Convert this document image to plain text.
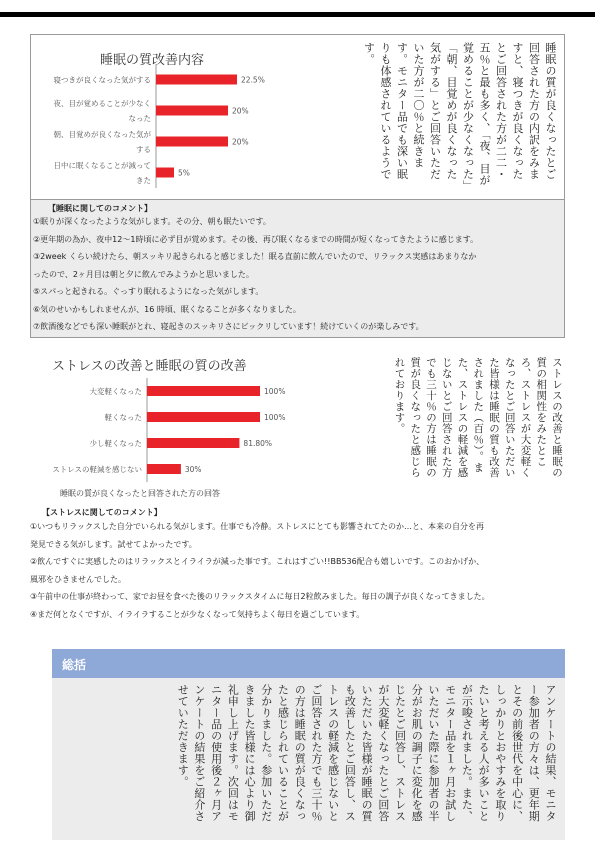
睡眠の質改善内容
寝つきが良くなった気がする	22.5%
夜、目が覚めることが少なく
なった
20%
朝、目覚めが良くなった気が
する
20%
日中に眠くなることが減って
きた
5%	睡眠の質が良くなったとご回答された方の内訳をみますと、寝つきが良くなったとご回答された方が二二・五％と最も多く、「夜、目が覚めることが少なくなった」「朝、目覚めが良くなった気がする」とご回答いただいた方が二〇％と続きます。モニター品でも深い眠りも体感されているようです。
【睡眠に関してのコメント】
①眠りが深くなったような気がします。その分、朝も眠たいです。
②更年期の為か、夜中12～1時頃に必ず目が覚めます。その後、再び眠くなるまでの時間が短くなってきたように感じます。
③2week くらい続けたら、朝スッキリ起きられると感じました！眠る直前に飲んでいたので、リラックス実感はあまりなか
ったので、2ヶ月目は朝と夕に飲んでみようかと思いました。
⑤スパっと起きれる。ぐっすり眠れるようになった気がします。
⑥気のせいかもしれませんが、16 時頃、眠くなることが多くなりました。
⑦飲酒後などでも深い睡眠がとれ、寝起きのスッキリさにビックリしています！続けていくのが楽しみです。
ストレスの改善と睡眠の質の改善
大変軽くなった	100%
軽くなった	100%
少し軽くなった	81.80%
ストレスの軽減を感じない	30%
睡眠の質が良くなったと回答された方の回答
ストレスの改善と睡眠の質の相関性をみたところ、ストレスが大変軽くなったとご回答いただいた皆様は睡眠の質も改善されました（百％）。また、ストレスの軽減を感じないとご回答された方でも三十％の方は睡眠の質が良くなったと感じられております。
【ストレスに関してのコメント】
①いつもリラックスした自分でいられる気がします。仕事でも冷静。ストレスにとても影響されてたのか…と、本来の自分を再
発見できる気がします。試せてよかったです。
②飲んですぐに実感したのはリラックスとイライラが減った事です。これはすごい!!BB536配合も嬉しいです。このおかげか、
風邪をひきませんでした。
③午前中の仕事が終わって、家でお昼を食べた後のリラックスタイムに毎日2粒飲みました。毎日の調子が良くなってきました。
④まだ何となくですが、イライラすることが少なくなって気持ちよく毎日を過ごしています。
総括
アンケートの結果、モニター参加者の方々は、更年期とその前後世代を中心に、しっかりとおやすみを取りたいと考える人が多いことが示唆されました。また、モニター品を１ヶ月お試しいただいた際に参加者の半分がお肌の調子に変化を感じたとご回答し、ストレスが大変軽くなったとご回答いただいた皆様が睡眠の質も改善したとご回答し、ストレスの軽減を感じないとご回答された方でも三十％の方は睡眠の質が良くなったと感じられていることが分かりました。参加いただきました皆様には心より御礼申し上げます。次回はモニター品の使用後２ヶ月アンケートの結果をご紹介させていただきます。
